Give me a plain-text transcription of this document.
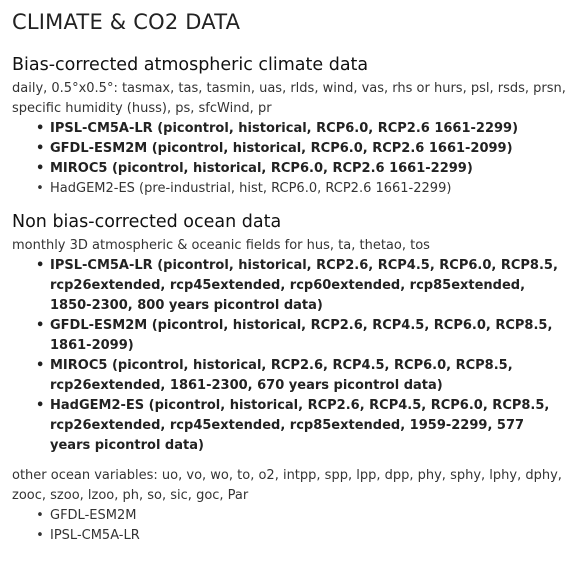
CLIMATE & CO2 DATA
Bias-corrected atmospheric climate data

daily, 0.5°x0.5°: tasmax, tas, tasmin, uas, rlds, wind, vas, rhs or hurs, psl, rsds, prsn, specific humidity (huss), ps, sfcWind, pr

• IPSL-CM5A-LR (picontrol, historical, RCP6.0, RCP2.6 1661-2299)
• GFDL-ESM2M (picontrol, historical, RCP6.0, RCP2.6 1661-2099)
• MIROC5 (picontrol, historical, RCP6.0, RCP2.6 1661-2299)
• HadGEM2-ES (pre-industrial, hist, RCP6.0, RCP2.6 1661-2299)
Non bias-corrected ocean data

monthly 3D atmospheric & oceanic fields for hus, ta, thetao, tos

• IPSL-CM5A-LR (picontrol, historical, RCP2.6, RCP4.5, RCP6.0, RCP8.5, rcp26extended, rcp45extended, rcp60extended, rcp85extended, 1850-2300, 800 years picontrol data)
• GFDL-ESM2M (picontrol, historical, RCP2.6, RCP4.5, RCP6.0, RCP8.5, 1861-2099)
• MIROC5 (picontrol, historical, RCP2.6, RCP4.5, RCP6.0, RCP8.5, rcp26extended, 1861-2300, 670 years picontrol data)
• HadGEM2-ES (picontrol, historical, RCP2.6, RCP4.5, RCP6.0, RCP8.5, rcp26extended, rcp45extended, rcp85extended, 1959-2299, 577 years picontrol data)

other ocean variables: uo, vo, wo, to, o2, intpp, spp, lpp, dpp, phy, sphy, lphy, dphy, zooc, szoo, lzoo, ph, so, sic, goc, Par

• GFDL-ESM2M
• IPSL-CM5A-LR
